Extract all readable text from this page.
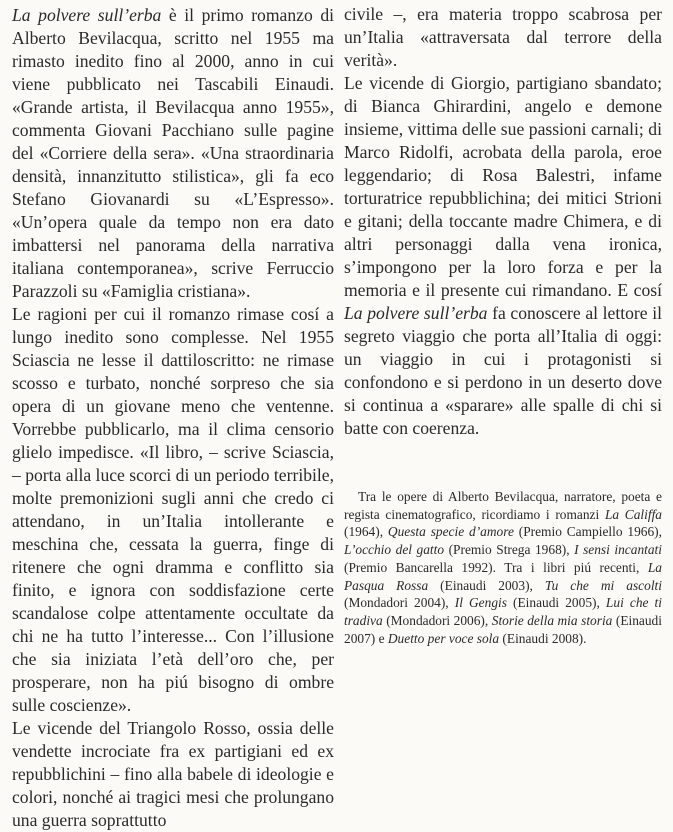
La polvere sull’erba è il primo romanzo di Alberto Bevilacqua, scritto nel 1955 ma rimasto inedito fino al 2000, anno in cui viene pubblicato nei Tascabili Einaudi. «Grande artista, il Bevilacqua anno 1955», commenta Giovani Pacchiano sulle pagine del «Corriere della sera». «Una straordinaria densità, innanzitutto stilistica», gli fa eco Stefano Giovanardi su «L’Espresso». «Un’opera quale da tempo non era dato imbattersi nel panorama della narrativa italiana contemporanea», scrive Ferruccio Parazzoli su «Famiglia cristiana».

Le ragioni per cui il romanzo rimase cosí a lungo inedito sono complesse. Nel 1955 Sciascia ne lesse il dattiloscritto: ne rimase scosso e turbato, nonché sorpreso che sia opera di un giovane meno che ventenne. Vorrebbe pubblicarlo, ma il clima censorio glielo impedisce. «Il libro, – scrive Sciascia, – porta alla luce scorci di un periodo terribile, molte premonizioni sugli anni che credo ci attendano, in un’Italia intollerante e meschina che, cessata la guerra, finge di ritenere che ogni dramma e conflitto sia finito, e ignora con soddisfazione certe scandalose colpe attentamente occultate da chi ne ha tutto l’interesse... Con l’illusione che sia iniziata l’età dell’oro che, per prosperare, non ha piú bisogno di ombre sulle coscienze».

Le vicende del Triangolo Rosso, ossia delle vendette incrociate fra ex partigiani ed ex repubblichini – fino alla babele di ideologie e colori, nonché ai tragici mesi che prolungano una guerra soprattutto

civile –, era materia troppo scabrosa per un’Italia «attraversata dal terrore della verità».

Le vicende di Giorgio, partigiano sbandato; di Bianca Ghirardini, angelo e demone insieme, vittima delle sue passioni carnali; di Marco Ridolfi, acrobata della parola, eroe leggendario; di Rosa Balestri, infame torturatrice repubblichina; dei mitici Strioni e gitani; della toccante madre Chimera, e di altri personaggi dalla vena ironica, s’impongono per la loro forza e per la memoria e il presente cui rimandano. E cosí La polvere sull’erba fa conoscere al lettore il segreto viaggio che porta all’Italia di oggi: un viaggio in cui i protagonisti si confondono e si perdono in un deserto dove si continua a «sparare» alle spalle di chi si batte con coerenza.

Tra le opere di Alberto Bevilacqua, narratore, poeta e regista cinematografico, ricordiamo i romanzi La Califfa (1964), Questa specie d’amore (Premio Campiello 1966), L’occhio del gatto (Premio Strega 1968), I sensi incantati (Premio Bancarella 1992). Tra i libri piú recenti, La Pasqua Rossa (Einaudi 2003), Tu che mi ascolti (Mondadori 2004), Il Gengis (Einaudi 2005), Lui che ti tradiva (Mondadori 2006), Storie della mia storia (Einaudi 2007) e Duetto per voce sola (Einaudi 2008).
